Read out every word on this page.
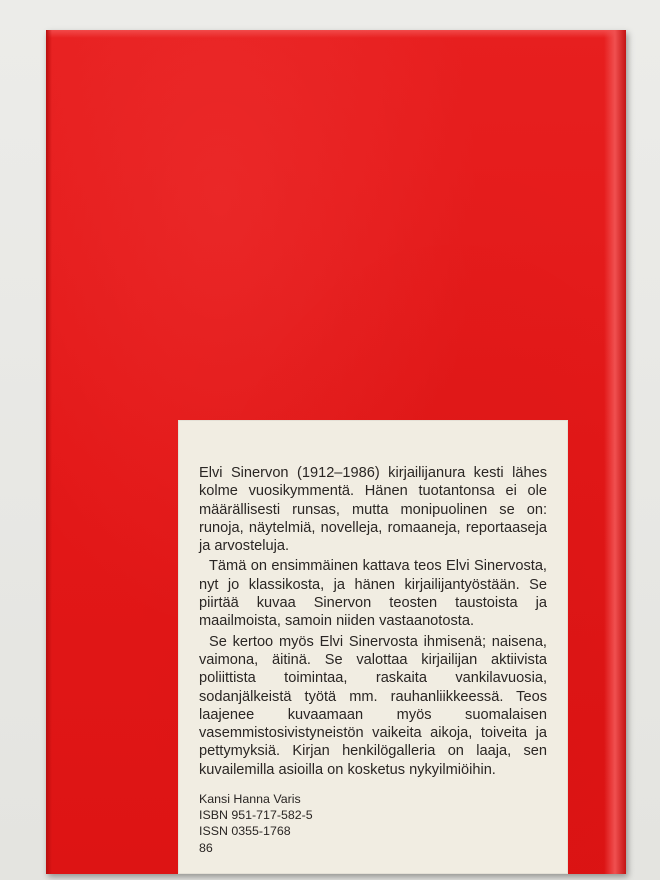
Elvi Sinervon (1912–1986) kirjailijanura kesti lähes kolme vuosikymmentä. Hänen tuotantonsa ei ole määrällisesti runsas, mutta monipuolinen se on: runoja, näytelmiä, novelleja, romaaneja, reportaaseja ja arvosteluja.

Tämä on ensimmäinen kattava teos Elvi Sinervosta, nyt jo klassikosta, ja hänen kirjailijantyöstään. Se piirtää kuvaa Sinervon teosten taustoista ja maailmoista, samoin niiden vastaanotosta.

Se kertoo myös Elvi Sinervosta ihmisenä; naisena, vaimona, äitinä. Se valottaa kirjailijan aktiivista poliittista toimintaa, raskaita vankilavuosia, sodanjälkeistä työtä mm. rauhanliikkeessä. Teos laajenee kuvaamaan myös suomalaisen vasemmistosivistyneistön vaikeita aikoja, toiveita ja pettymyksiä. Kirjan henkilögalleria on laaja, sen kuvailemilla asioilla on kosketus nykyilmiöihin.

Kansi Hanna Varis
ISBN 951-717-582-5
ISSN 0355-1768
86
